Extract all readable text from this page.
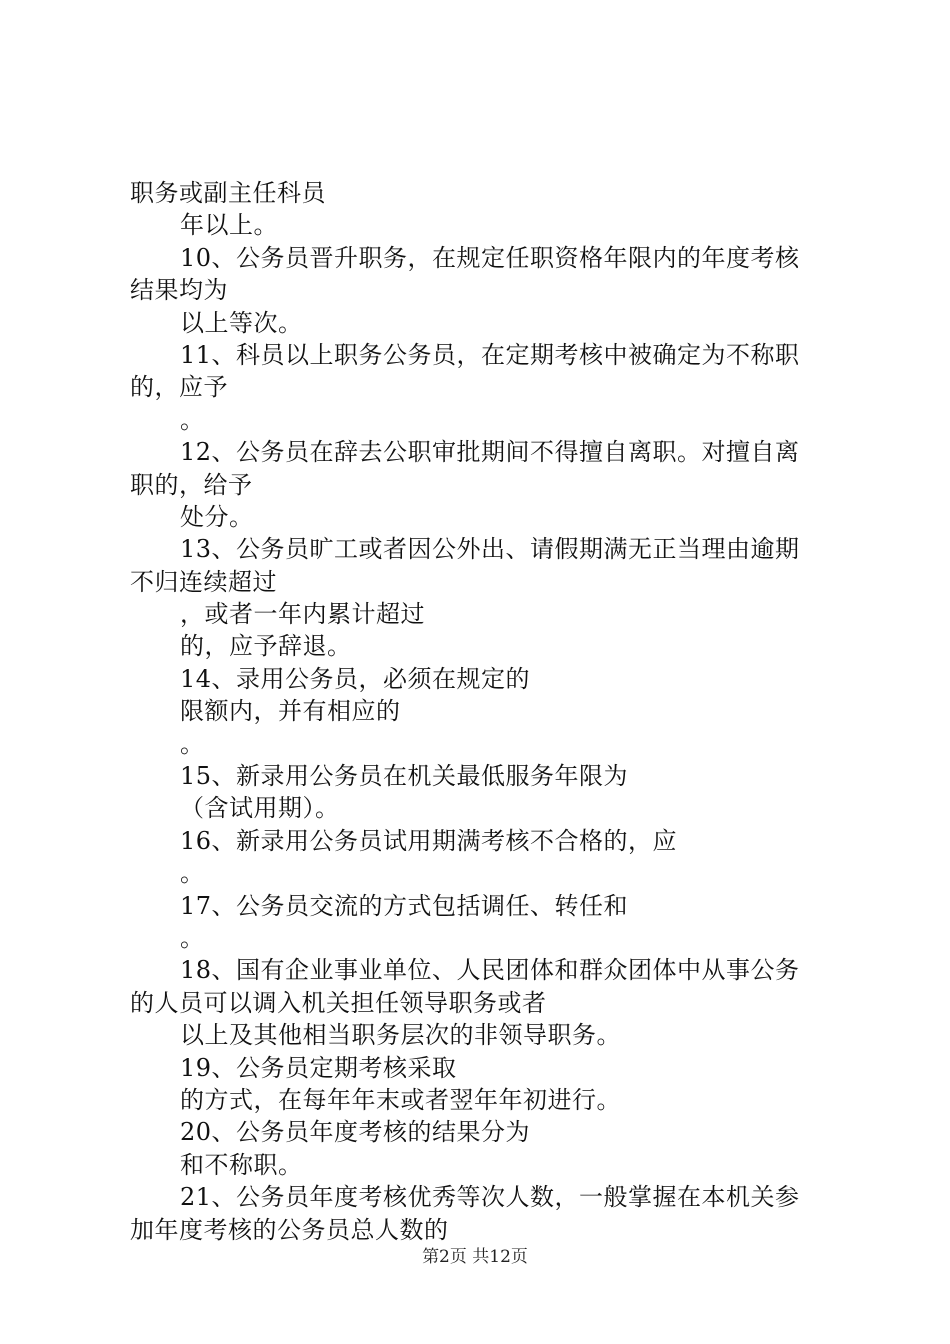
职务或副主任科员
年以上。
10、公务员晋升职务，在规定任职资格年限内的年度考核
结果均为
以上等次。
11、科员以上职务公务员，在定期考核中被确定为不称职
的，应予
。
12、公务员在辞去公职审批期间不得擅自离职。对擅自离
职的，给予
处分。
13、公务员旷工或者因公外出、请假期满无正当理由逾期
不归连续超过
，或者一年内累计超过
的，应予辞退。
14、录用公务员，必须在规定的
限额内，并有相应的
。
15、新录用公务员在机关最低服务年限为
（含试用期）。
16、新录用公务员试用期满考核不合格的，应
。
17、公务员交流的方式包括调任、转任和
。
18、国有企业事业单位、人民团体和群众团体中从事公务
的人员可以调入机关担任领导职务或者
以上及其他相当职务层次的非领导职务。
19、公务员定期考核采取
的方式，在每年年末或者翌年年初进行。
20、公务员年度考核的结果分为
和不称职。
21、公务员年度考核优秀等次人数，一般掌握在本机关参
加年度考核的公务员总人数的
第2页 共12页
